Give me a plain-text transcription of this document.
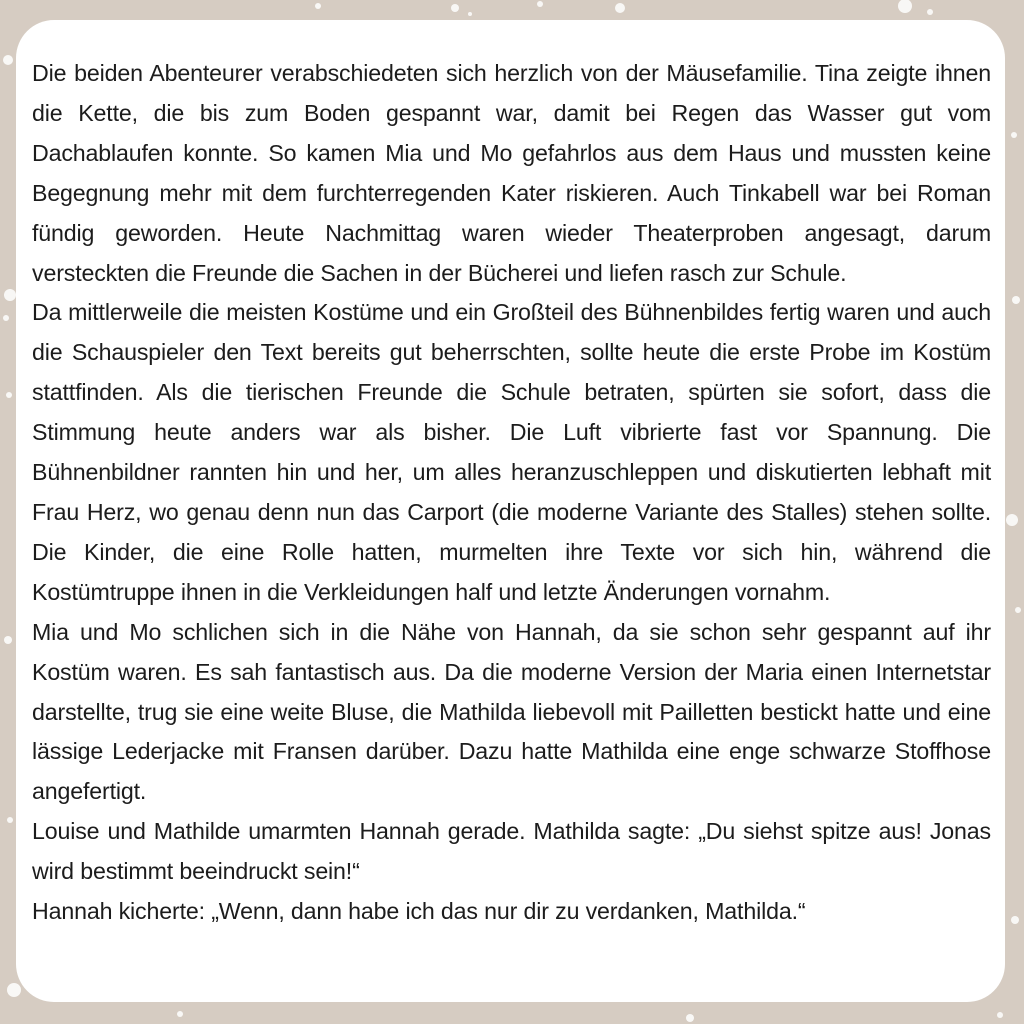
Die beiden Abenteurer verabschiedeten sich herzlich von der Mäusefamilie. Tina zeigte ihnen die Kette, die bis zum Boden gespannt war, damit bei Regen das Wasser gut vom Dachablaufen konnte. So kamen Mia und Mo gefahrlos aus dem Haus und mussten keine Begegnung mehr mit dem furchterregenden Kater riskieren. Auch Tinkabell war bei Roman fündig geworden. Heute Nachmittag waren wieder Theaterproben angesagt, darum versteckten die Freunde die Sachen in der Bücherei und liefen rasch zur Schule.

Da mittlerweile die meisten Kostüme und ein Großteil des Bühnenbildes fertig waren und auch die Schauspieler den Text bereits gut beherrschten, sollte heute die erste Probe im Kostüm stattfinden. Als die tierischen Freunde die Schule betraten, spürten sie sofort, dass die Stimmung heute anders war als bisher. Die Luft vibrierte fast vor Spannung. Die Bühnenbildner rannten hin und her, um alles heranzuschleppen und diskutierten lebhaft mit Frau Herz, wo genau denn nun das Carport (die moderne Variante des Stalles) stehen sollte. Die Kinder, die eine Rolle hatten, murmelten ihre Texte vor sich hin, während die Kostümtruppe ihnen in die Verkleidungen half und letzte Änderungen vornahm.

Mia und Mo schlichen sich in die Nähe von Hannah, da sie schon sehr gespannt auf ihr Kostüm waren. Es sah fantastisch aus. Da die moderne Version der Maria einen Internetstar darstellte, trug sie eine weite Bluse, die Mathilda liebevoll mit Pailletten bestickt hatte und eine lässige Lederjacke mit Fransen darüber. Dazu hatte Mathilda eine enge schwarze Stoffhose angefertigt.

Louise und Mathilde umarmten Hannah gerade. Mathilda sagte: „Du siehst spitze aus! Jonas wird bestimmt beeindruckt sein!“

Hannah kicherte: „Wenn, dann habe ich das nur dir zu verdanken, Mathilda.“
